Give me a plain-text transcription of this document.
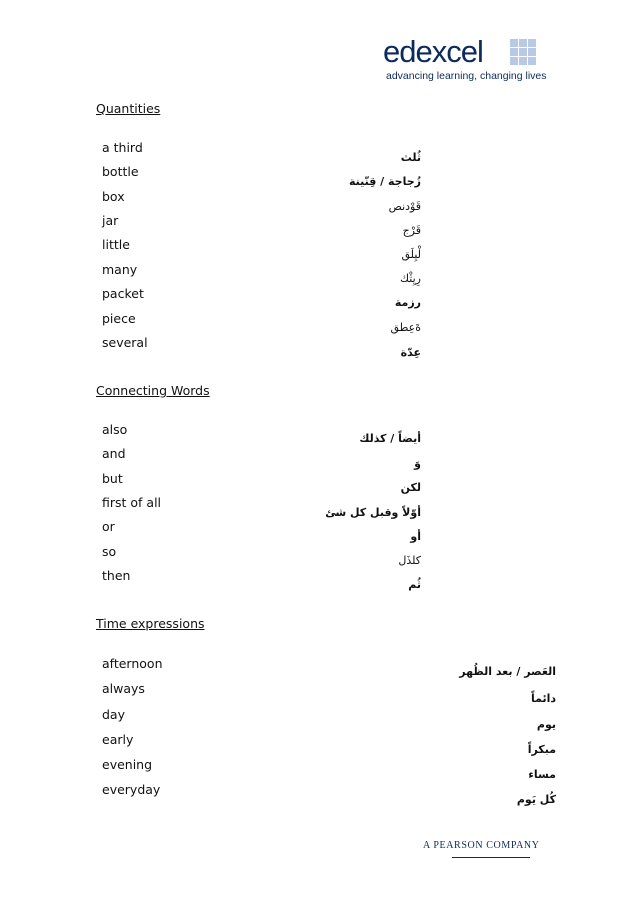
edexcel
advancing learning, changing lives
Quantities
a third
bottle
box
jar
little
many
packet
piece
several
ثُلث
زُجاجة / قِنّينة
قَوْدنص
قَرْج
لْيِلَق
رِيِثْك
رزمة
ةَعِطق
عِدّة
Connecting Words
also
and
but
first of all
or
so
then
أيضاً / كذلك
وَ
لكن
أوّلاً وقبل كل شئ
أو
كلذَل
ثُم
Time expressions
afternoon
always
day
early
evening
everyday
العَصر / بعد الظُهر
دائماً
يوم
مبكراً
مساء
كُل يَوم
A PEARSON COMPANY
